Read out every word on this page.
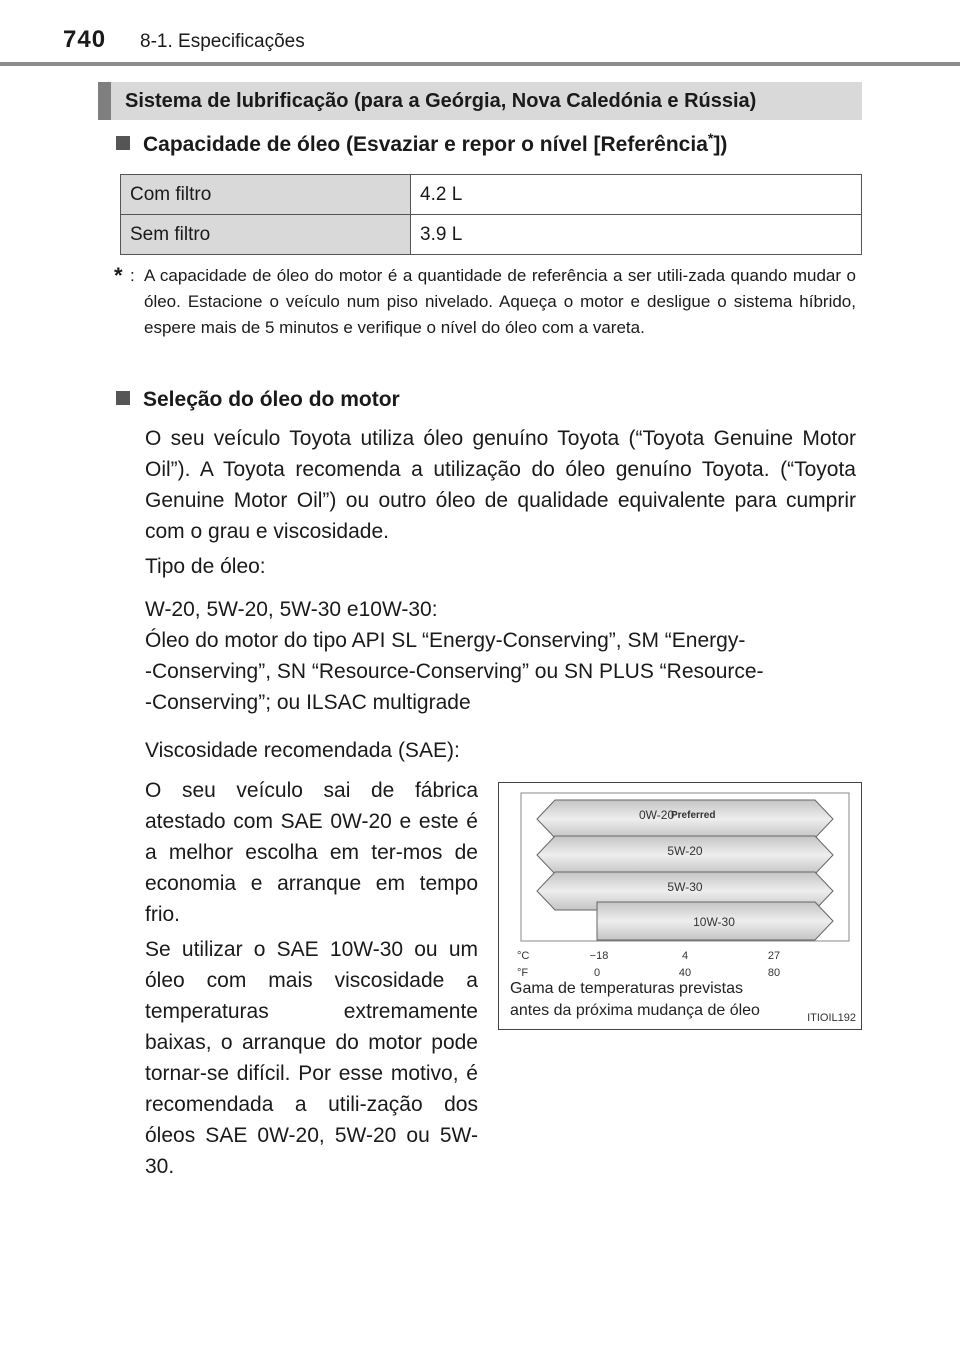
740 8-1. Especificações
Sistema de lubrificação (para a Geórgia, Nova Caledónia e Rússia)
Capacidade de óleo (Esvaziar e repor o nível [Referência*])
Com filtro	4.2 L
Sem filtro	3.9 L
* : A capacidade de óleo do motor é a quantidade de referência a ser utili-zada quando mudar o óleo. Estacione o veículo num piso nivelado. Aqueça o motor e desligue o sistema híbrido, espere mais de 5 minutos e verifique o nível do óleo com a vareta.
Seleção do óleo do motor
O seu veículo Toyota utiliza óleo genuíno Toyota (“Toyota Genuine Motor Oil”). A Toyota recomenda a utilização do óleo genuíno Toyota. (“Toyota Genuine Motor Oil”) ou outro óleo de qualidade equivalente para cumprir com o grau e viscosidade.
Tipo de óleo:
W-20, 5W-20, 5W-30 e10W-30:
Óleo do motor do tipo API SL “Energy-Conserving”, SM “Energy-
-Conserving”, SN “Resource-Conserving” ou SN PLUS “Resource-
-Conserving”; ou ILSAC multigrade
Viscosidade recomendada (SAE):
O seu veículo sai de fábrica atestado com SAE 0W-20 e este é a melhor escolha em ter-mos de economia e arranque em tempo frio.
Se utilizar o SAE 10W-30 ou um óleo com mais viscosidade a temperaturas extremamente baixas, o arranque do motor pode tornar-se difícil. Por esse motivo, é recomendada a utili-zação dos óleos SAE 0W-20, 5W-20 ou 5W-30.
0W-20
Preferred
5W-20
5W-30
10W-30
°C	−18	4	27
°F	0	40	80
Gama de temperaturas previstas
antes da próxima mudança de óleo	ITIOIL192
